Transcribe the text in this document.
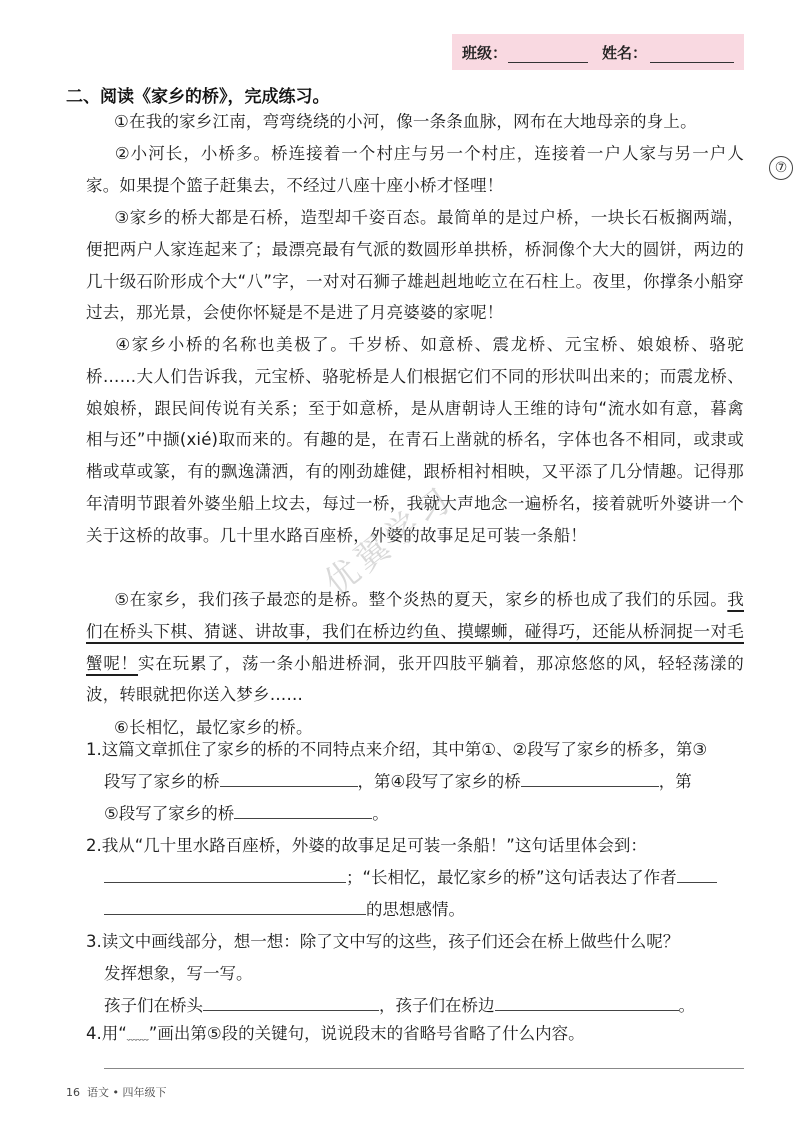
班级：	姓名：
⑦
二、阅读《家乡的桥》，完成练习。
①在我的家乡江南，弯弯绕绕的小河，像一条条血脉，网布在大地母亲的身上。
②小河长，小桥多。桥连接着一个村庄与另一个村庄，连接着一户人家与另一户人家。如果提个篮子赶集去，不经过八座十座小桥才怪哩！
③家乡的桥大都是石桥，造型却千姿百态。最简单的是过户桥，一块长石板搁两端，便把两户人家连起来了；最漂亮最有气派的数圆形单拱桥，桥洞像个大大的圆饼，两边的几十级石阶形成个大“八”字，一对对石狮子雄赳赳地屹立在石柱上。夜里，你撑条小船穿过去，那光景，会使你怀疑是不是进了月亮婆婆的家呢！
④家乡小桥的名称也美极了。千岁桥、如意桥、震龙桥、元宝桥、娘娘桥、骆驼桥……大人们告诉我，元宝桥、骆驼桥是人们根据它们不同的形状叫出来的；而震龙桥、娘娘桥，跟民间传说有关系；至于如意桥，是从唐朝诗人王维的诗句“流水如有意，暮禽相与还”中撷(xié)取而来的。有趣的是，在青石上凿就的桥名，字体也各不相同，或隶或楷或草或篆，有的飘逸潇洒，有的刚劲雄健，跟桥相衬相映，又平添了几分情趣。记得那年清明节跟着外婆坐船上坟去，每过一桥，我就大声地念一遍桥名，接着就听外婆讲一个关于这桥的故事。几十里水路百座桥，外婆的故事足足可装一条船！
⑤在家乡，我们孩子最恋的是桥。整个炎热的夏天，家乡的桥也成了我们的乐园。我们在桥头下棋、猜谜、讲故事，我们在桥边约鱼、摸螺蛳，碰得巧，还能从桥洞捉一对毛蟹呢！实在玩累了，荡一条小船进桥洞，张开四肢平躺着，那凉悠悠的风，轻轻荡漾的波，转眼就把你送入梦乡……
⑥长相忆，最忆家乡的桥。
优翼学习
1.这篇文章抓住了家乡的桥的不同特点来介绍，其中第①、②段写了家乡的桥多，第③
段写了家乡的桥	，第④段写了家乡的桥	，第
⑤段写了家乡的桥	。
2.我从“几十里水路百座桥，外婆的故事足足可装一条船！”这句话里体会到：
；“长相忆，最忆家乡的桥”这句话表达了作者
的思想感情。
3.读文中画线部分，想一想：除了文中写的这些，孩子们还会在桥上做些什么呢？
发挥想象，写一写。
孩子们在桥头	，孩子们在桥边	。
4.用“﹏﹏”画出第⑤段的关键句，说说段末的省略号省略了什么内容。
16 语文 • 四年级下
